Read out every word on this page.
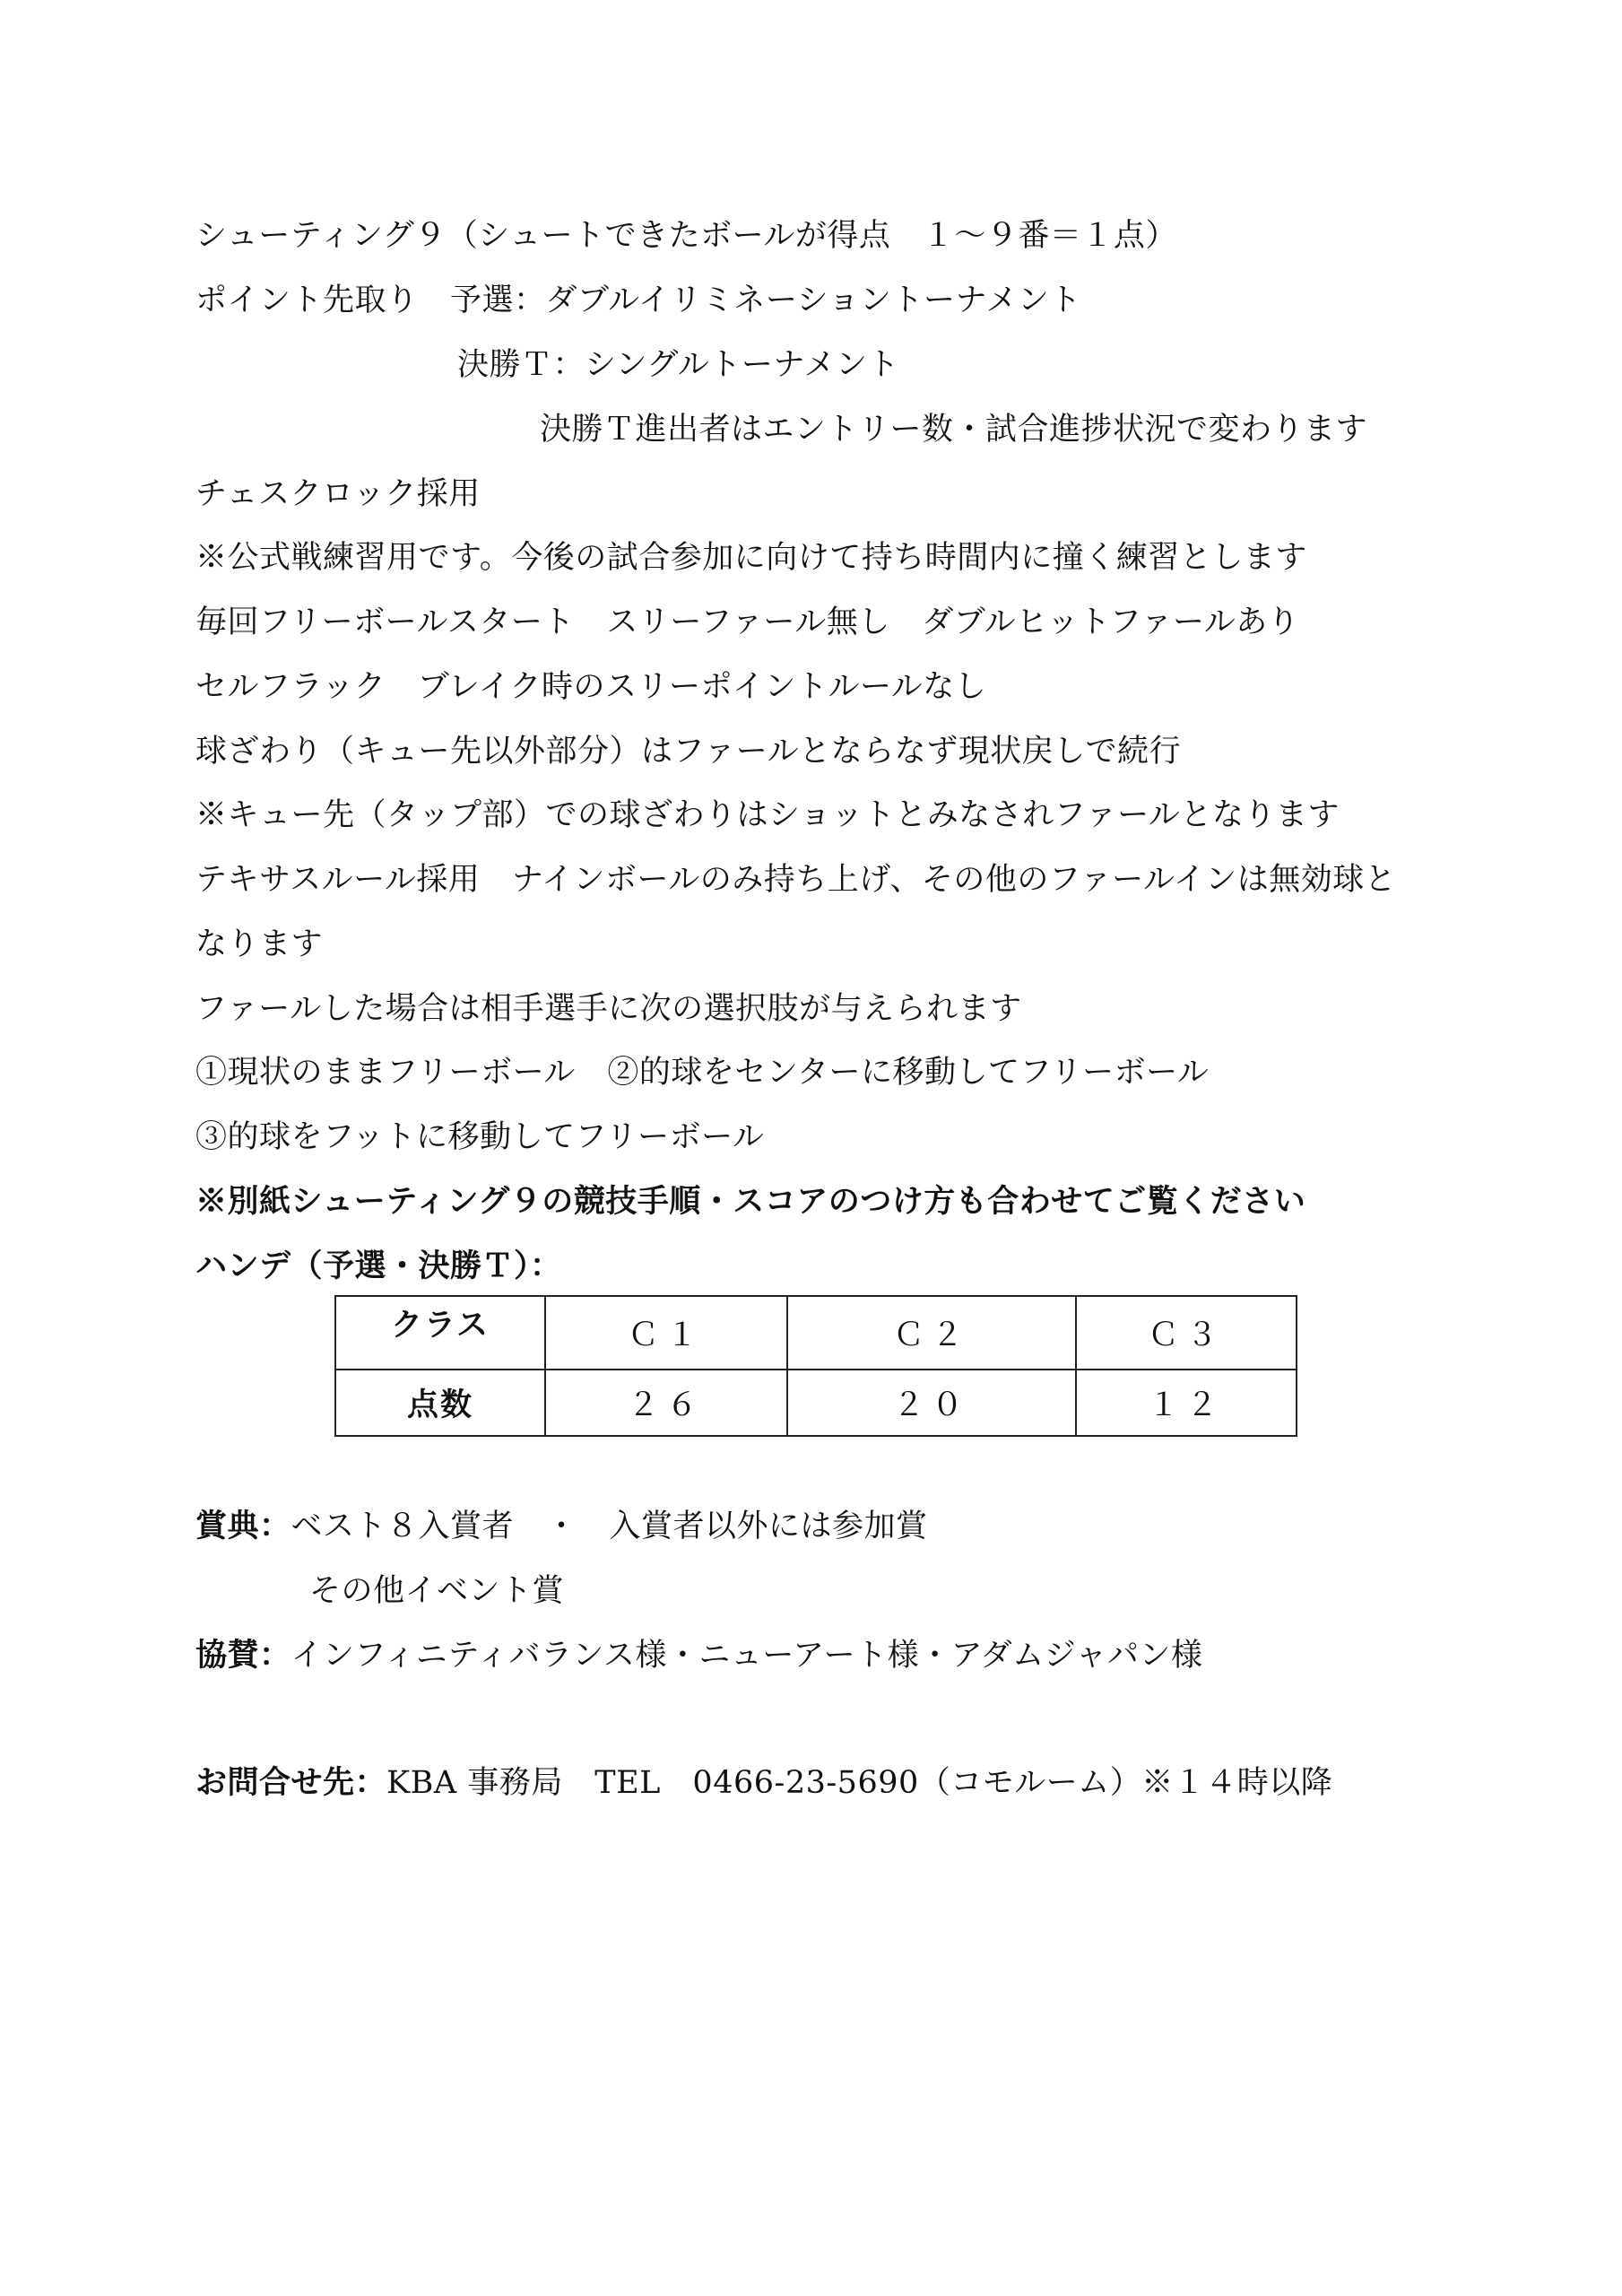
シューティング９（シュートできたボールが得点　１～９番＝１点）
ポイント先取り　予選：ダブルイリミネーショントーナメント
決勝Ｔ：シングルトーナメント
決勝Ｔ進出者はエントリー数・試合進捗状況で変わります
チェスクロック採用
※公式戦練習用です。今後の試合参加に向けて持ち時間内に撞く練習とします
毎回フリーボールスタート　スリーファール無し　ダブルヒットファールあり
セルフラック　ブレイク時のスリーポイントルールなし
球ざわり（キュー先以外部分）はファールとならなず現状戻しで続行
※キュー先（タップ部）での球ざわりはショットとみなされファールとなります
テキサスルール採用　ナインボールのみ持ち上げ、その他のファールインは無効球と
なります
ファールした場合は相手選手に次の選択肢が与えられます
①現状のままフリーボール　②的球をセンターに移動してフリーボール
③的球をフットに移動してフリーボール
※別紙シューティング９の競技手順・スコアのつけ方も合わせてご覧ください
ハンデ（予選・決勝Ｔ）：
クラス	Ｃ１	Ｃ２	Ｃ３
点数	２６	２０	１２
賞典：ベスト８入賞者　・　入賞者以外には参加賞
その他イベント賞
協賛：インフィニティバランス様・ニューアート様・アダムジャパン様
お問合せ先：KBA 事務局　TEL　0466-23-5690（コモルーム）※１４時以降
